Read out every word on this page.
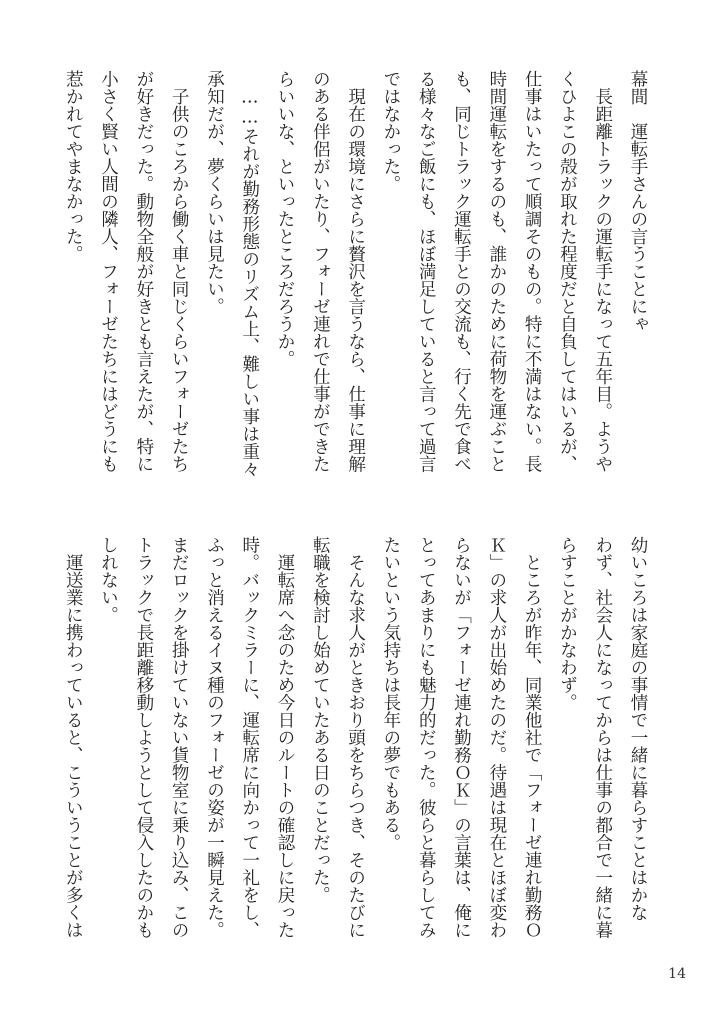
幕間　運転手さんの言うことにゃ
　長距離トラックの運転手になって五年目。ようや
くひよこの殻が取れた程度だと自負してはいるが、
仕事はいたって順調そのもの。特に不満はない。長
時間運転をするのも、誰かのために荷物を運ぶこと
も、同じトラック運転手との交流も、行く先で食べ
る様々なご飯にも、ほぼ満足していると言って過言
ではなかった。
　現在の環境にさらに贅沢を言うなら、仕事に理解
のある伴侶がいたり、フォーゼ連れで仕事ができた
らいいな、といったところだろうか。
　……それが勤務形態のリズム上、難しい事は重々
承知だが、夢くらいは見たい。
　子供のころから働く車と同じくらいフォーゼたち
が好きだった。動物全般が好きとも言えたが、特に
小さく賢い人間の隣人、フォーゼたちにはどうにも
惹かれてやまなかった。
幼いころは家庭の事情で一緒に暮らすことはかな
わず、社会人になってからは仕事の都合で一緒に暮
らすことがかなわず。
　ところが昨年、同業他社で「フォーゼ連れ勤務Ｏ
Ｋ」の求人が出始めたのだ。待遇は現在とほぼ変わ
らないが「フォーゼ連れ勤務ＯＫ」の言葉は、俺に
とってあまりにも魅力的だった。彼らと暮らしてみ
たいという気持ちは長年の夢でもある。
　そんな求人がときおり頭をちらつき、そのたびに
転職を検討し始めていたある日のことだった。
　運転席へ念のため今日のルートの確認しに戻った
時。バックミラーに、運転席に向かって一礼をし、
ふっと消えるイヌ種のフォーゼの姿が一瞬見えた。
まだロックを掛けていない貨物室に乗り込み、この
トラックで長距離移動しようとして侵入したのかも
しれない。
　運送業に携わっていると、こういうことが多くは
14
